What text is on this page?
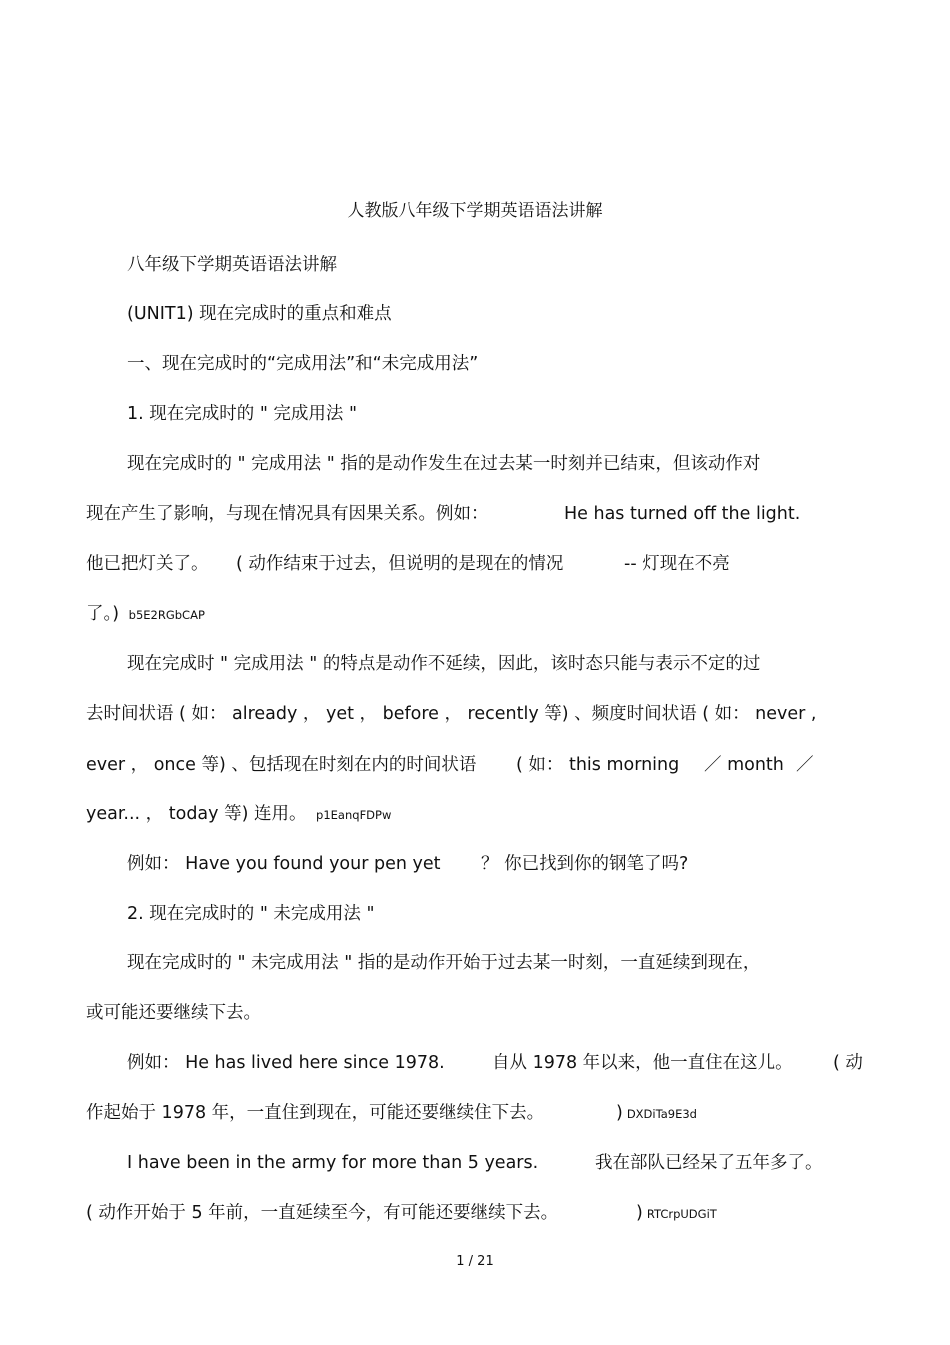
人教版八年级下学期英语语法讲解
八年级下学期英语语法讲解
(UNIT1) 现在完成时的重点和难点
一、现在完成时的“完成用法”和“未完成用法”
1. 现在完成时的 " 完成用法 "
现在完成时的 " 完成用法 " 指的是动作发生在过去某一时刻并已结束，但该动作对
现在产生了影响，与现在情况具有因果关系。例如：	He has turned off the light.
他已把灯关了。 ( 动作结束于过去，但说明的是现在的情况	-- 灯现在不亮
了。) b5E2RGbCAP
现在完成时 " 完成用法 " 的特点是动作不延续，因此，该时态只能与表示不定的过
去时间状语 ( 如： already ， yet ， before ， recently 等) 、频度时间状语 ( 如： never ,
ever ， once 等) 、包括现在时刻在内的时间状语 ( 如： this morning ／ month ／
year... ， today 等) 连用。 p1EanqFDPw
例如： Have you found your pen yet ？ 你已找到你的钢笔了吗?
2. 现在完成时的 " 未完成用法 "
现在完成时的 " 未完成用法 " 指的是动作开始于过去某一时刻，一直延续到现在，
或可能还要继续下去。
例如： He has lived here since 1978.	自从 1978 年以来，他一直住在这儿。 ( 动
作起始于 1978 年，一直住到现在，可能还要继续住下去。	) DXDiTa9E3d
I have been in the army for more than 5 years.	我在部队已经呆了五年多了。
( 动作开始于 5 年前，一直延续至今，有可能还要继续下去。	) RTCrpUDGiT
1 / 21
